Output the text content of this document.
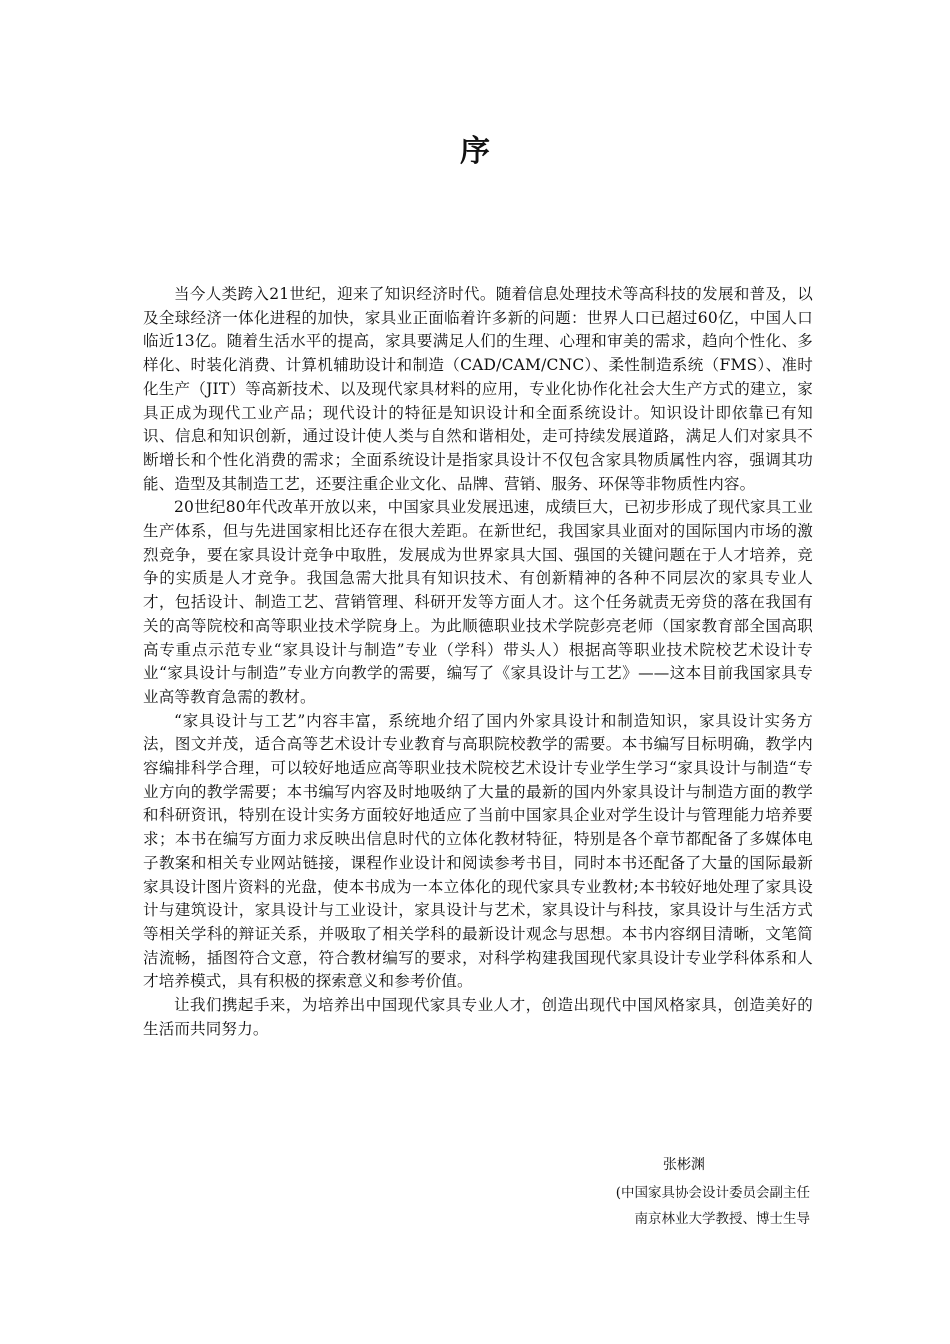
序

当今人类跨入21世纪，迎来了知识经济时代。随着信息处理技术等高科技的发展和普及，以及全球经济一体化进程的加快，家具业正面临着许多新的问题：世界人口已超过60亿，中国人口临近13亿。随着生活水平的提高，家具要满足人们的生理、心理和审美的需求，趋向个性化、多样化、时装化消费、计算机辅助设计和制造（CAD/CAM/CNC）、柔性制造系统（FMS）、准时化生产（JIT）等高新技术、以及现代家具材料的应用，专业化协作化社会大生产方式的建立，家具正成为现代工业产品；现代设计的特征是知识设计和全面系统设计。知识设计即依靠已有知识、信息和知识创新，通过设计使人类与自然和谐相处，走可持续发展道路，满足人们对家具不断增长和个性化消费的需求；全面系统设计是指家具设计不仅包含家具物质属性内容，强调其功能、造型及其制造工艺，还要注重企业文化、品牌、营销、服务、环保等非物质性内容。

20世纪80年代改革开放以来，中国家具业发展迅速，成绩巨大，已初步形成了现代家具工业生产体系，但与先进国家相比还存在很大差距。在新世纪，我国家具业面对的国际国内市场的激烈竞争，要在家具设计竞争中取胜，发展成为世界家具大国、强国的关键问题在于人才培养，竞争的实质是人才竞争。我国急需大批具有知识技术、有创新精神的各种不同层次的家具专业人才，包括设计、制造工艺、营销管理、科研开发等方面人才。这个任务就责无旁贷的落在我国有关的高等院校和高等职业技术学院身上。为此顺德职业技术学院彭亮老师（国家教育部全国高职高专重点示范专业“家具设计与制造”专业（学科）带头人）根据高等职业技术院校艺术设计专业“家具设计与制造”专业方向教学的需要，编写了《家具设计与工艺》——这本目前我国家具专业高等教育急需的教材。

“家具设计与工艺”内容丰富，系统地介绍了国内外家具设计和制造知识，家具设计实务方法，图文并茂，适合高等艺术设计专业教育与高职院校教学的需要。本书编写目标明确，教学内容编排科学合理，可以较好地适应高等职业技术院校艺术设计专业学生学习“家具设计与制造“专业方向的教学需要；本书编写内容及时地吸纳了大量的最新的国内外家具设计与制造方面的教学和科研资讯，特别在设计实务方面较好地适应了当前中国家具企业对学生设计与管理能力培养要求；本书在编写方面力求反映出信息时代的立体化教材特征，特别是各个章节都配备了多媒体电子教案和相关专业网站链接，课程作业设计和阅读参考书目，同时本书还配备了大量的国际最新家具设计图片资料的光盘，使本书成为一本立体化的现代家具专业教材;本书较好地处理了家具设计与建筑设计，家具设计与工业设计，家具设计与艺术，家具设计与科技，家具设计与生活方式等相关学科的辩证关系，并吸取了相关学科的最新设计观念与思想。本书内容纲目清晰，文笔简洁流畅，插图符合文意，符合教材编写的要求，对科学构建我国现代家具设计专业学科体系和人才培养模式，具有积极的探索意义和参考价值。

让我们携起手来，为培养出中国现代家具专业人才，创造出现代中国风格家具，创造美好的生活而共同努力。

张彬渊

(中国家具协会设计委员会副主任

南京林业大学教授、博士生导
